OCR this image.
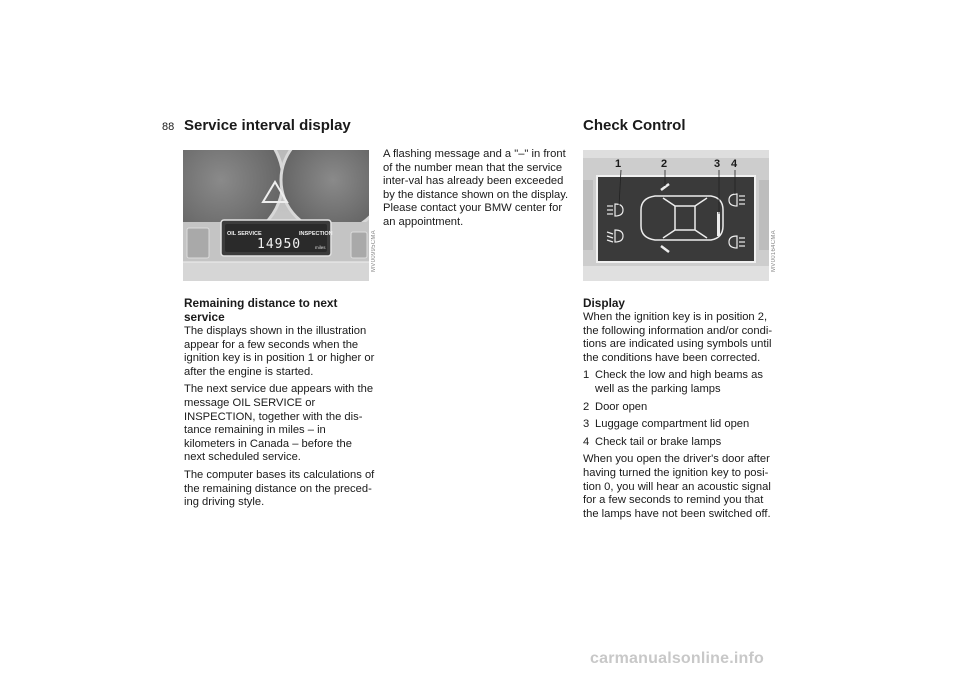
88 Service interval display	Check Control
OIL SERVICE	INSPECTION
14950	miles	MV00995CMA
1	2	3 4
MV00164CMA
Remaining distance to next service

The displays shown in the illustration appear for a few seconds when the ignition key is in position 1 or higher or after the engine is started.

The next service due appears with the message OIL SERVICE or INSPECTION, together with the dis-tance remaining in miles – in kilometers in Canada – before the next scheduled service.

The computer bases its calculations of the remaining distance on the preced-ing driving style.

A flashing message and a "–" in front of the number mean that the service inter-val has already been exceeded by the distance shown on the display. Please contact your BMW center for an appointment.

Display

When the ignition key is in position 2, the following information and/or condi-tions are indicated using symbols until the conditions have been corrected.

1 Check the low and high beams as well as the parking lamps
2 Door open
3 Luggage compartment lid open
4 Check tail or brake lamps

When you open the driver's door after having turned the ignition key to posi-tion 0, you will hear an acoustic signal for a few seconds to remind you that the lamps have not been switched off.

carmanualsonline.info
